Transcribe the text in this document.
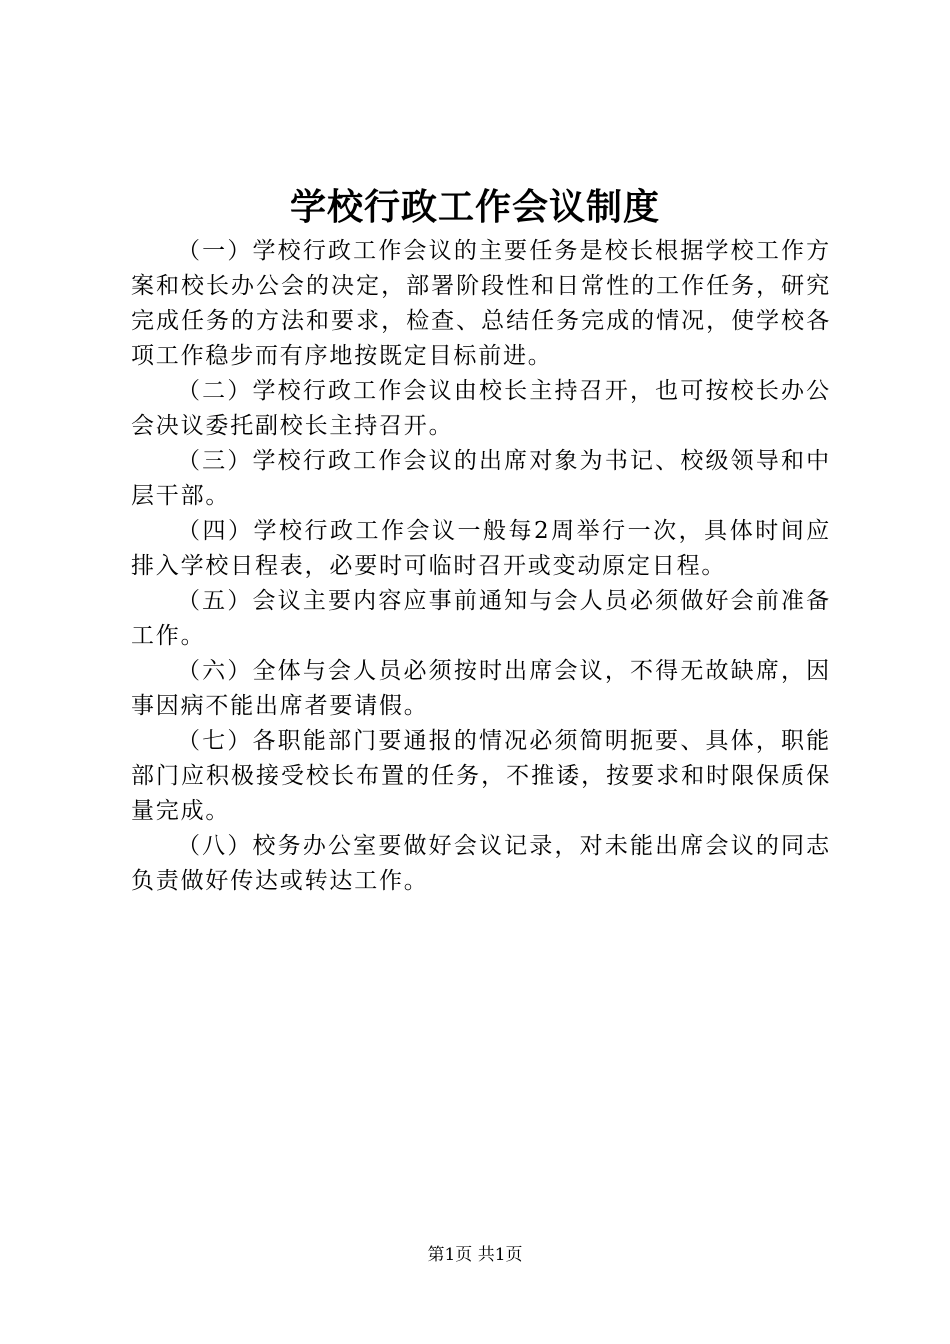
学校行政工作会议制度

（一）学校行政工作会议的主要任务是校长根据学校工作方案和校长办公会的决定，部署阶段性和日常性的工作任务，研究完成任务的方法和要求，检查、总结任务完成的情况，使学校各项工作稳步而有序地按既定目标前进。

（二）学校行政工作会议由校长主持召开，也可按校长办公会决议委托副校长主持召开。

（三）学校行政工作会议的出席对象为书记、校级领导和中层干部。

（四）学校行政工作会议一般每2周举行一次，具体时间应排入学校日程表，必要时可临时召开或变动原定日程。

（五）会议主要内容应事前通知与会人员必须做好会前准备工作。

（六）全体与会人员必须按时出席会议，不得无故缺席，因事因病不能出席者要请假。

（七）各职能部门要通报的情况必须简明扼要、具体，职能部门应积极接受校长布置的任务，不推诿，按要求和时限保质保量完成。

（八）校务办公室要做好会议记录，对未能出席会议的同志负责做好传达或转达工作。

第1页 共1页
